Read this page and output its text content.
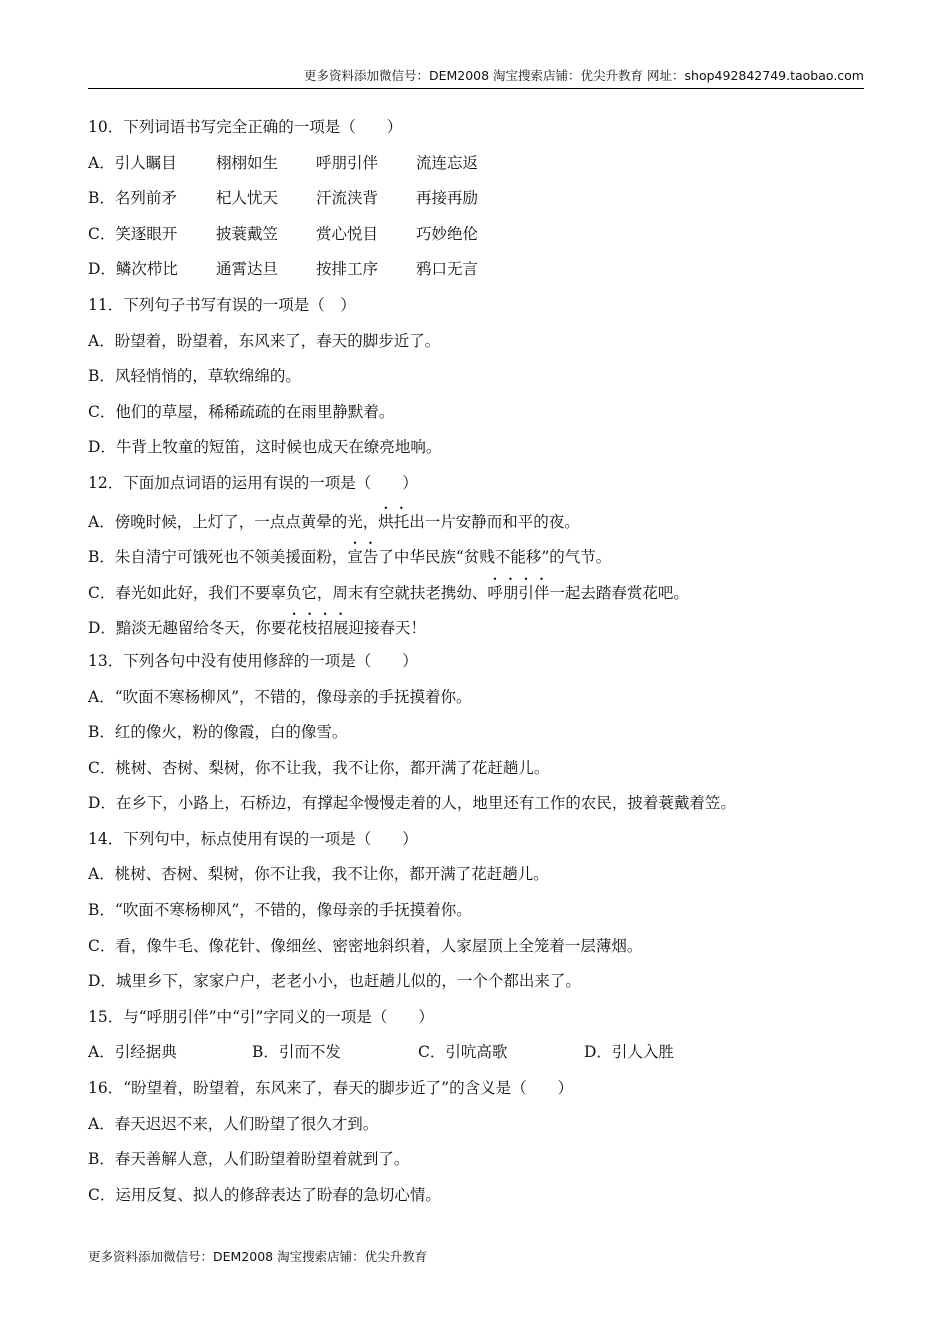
更多资料添加微信号：DEM2008 淘宝搜索店铺：优尖升教育 网址：shop492842749.taobao.com
10．下列词语书写完全正确的一项是（　　）
A．引人瞩目	栩栩如生 呼朋引伴 流连忘返
B．名列前矛	杞人忧天 汗流浃背 再接再励
C．笑逐眼开 披蓑戴笠 赏心悦目 巧妙绝伦
D．鳞次栉比 通霄达旦 按排工序 鸦口无言
11．下列句子书写有误的一项是（　）
A．盼望着，盼望着，东风来了，春天的脚步近了。
B．风轻悄悄的，草软绵绵的。
C．他们的草屋，稀稀疏疏的在雨里静默着。
D．牛背上牧童的短笛，这时候也成天在缭亮地响。
12．下面加点词语的运用有误的一项是（　　）
A．傍晚时候，上灯了，一点点黄晕的光，烘托出一片安静而和平的夜。
B．朱自清宁可饿死也不领美援面粉，宣告了中华民族“贫贱不能移”的气节。
C．春光如此好，我们不要辜负它，周末有空就扶老携幼、呼朋引伴一起去踏春赏花吧。
D．黯淡无趣留给冬天，你要花枝招展迎接春天！
13．下列各句中没有使用修辞的一项是（　　）
A．“吹面不寒杨柳风”，不错的，像母亲的手抚摸着你。
B．红的像火，粉的像霞，白的像雪。
C．桃树、杏树、梨树，你不让我，我不让你，都开满了花赶趟儿。
D．在乡下，小路上，石桥边，有撑起伞慢慢走着的人，地里还有工作的农民，披着蓑戴着笠。
14．下列句中，标点使用有误的一项是（　　）
A．桃树、杏树、梨树，你不让我，我不让你，都开满了花赶趟儿。
B．“吹面不寒杨柳风”，不错的，像母亲的手抚摸着你。
C．看，像牛毛、像花针、像细丝、密密地斜织着，人家屋顶上全笼着一层薄烟。
D．城里乡下，家家户户，老老小小，也赶趟儿似的，一个个都出来了。
15．与“呼朋引伴”中“引”字同义的一项是（　　）
A．引经据典	B．引而不发	C．引吭高歌	D．引人入胜
16．“盼望着，盼望着，东风来了，春天的脚步近了”的含义是（　　）
A．春天迟迟不来，人们盼望了很久才到。
B．春天善解人意，人们盼望着盼望着就到了。
C．运用反复、拟人的修辞表达了盼春的急切心情。
更多资料添加微信号：DEM2008 淘宝搜索店铺：优尖升教育
